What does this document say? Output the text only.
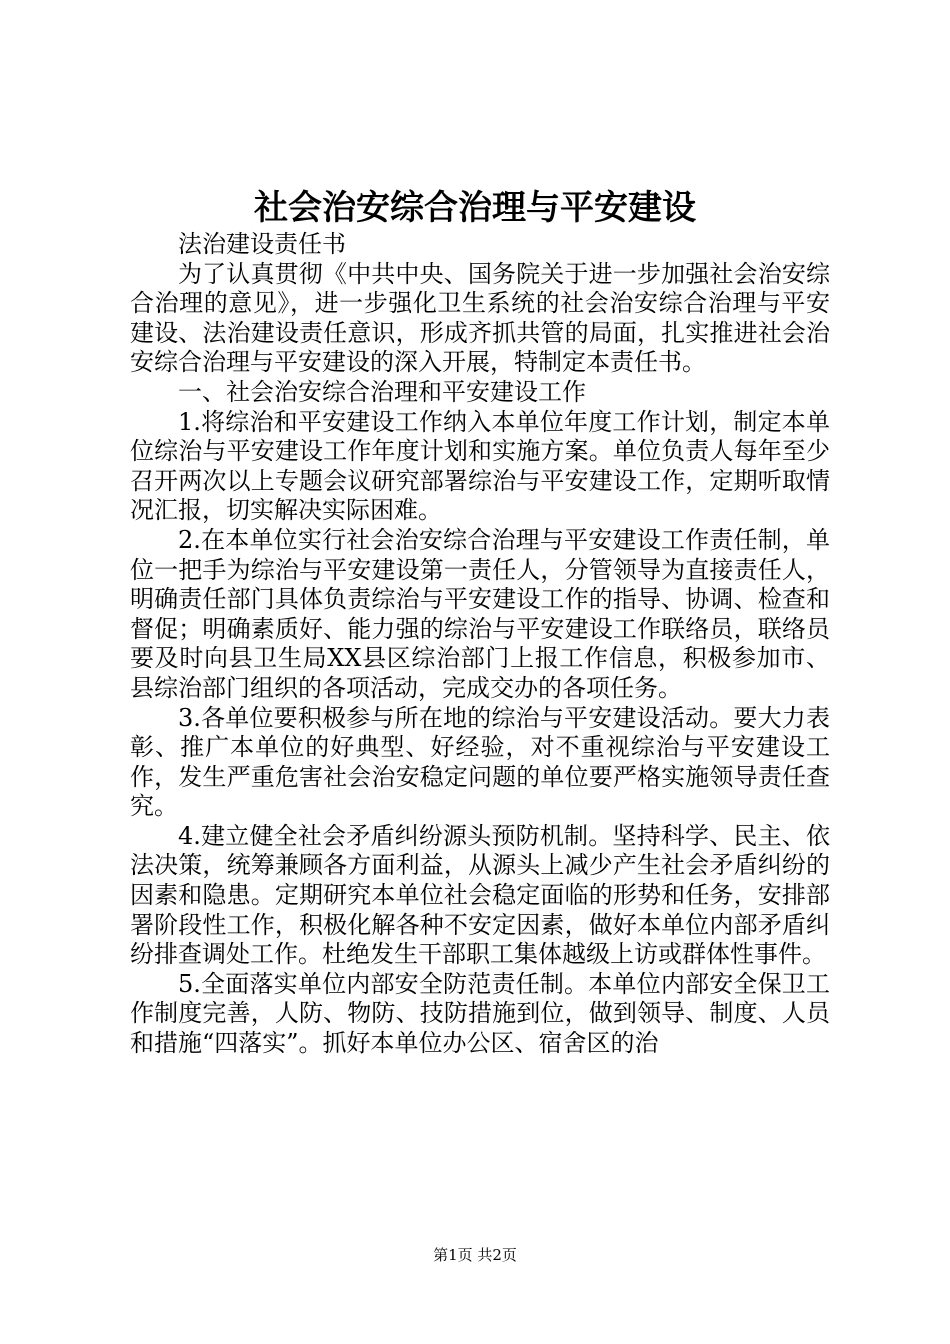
社会治安综合治理与平安建设

法治建设责任书

为了认真贯彻《中共中央、国务院关于进一步加强社会治安综合治理的意见》，进一步强化卫生系统的社会治安综合治理与平安建设、法治建设责任意识，形成齐抓共管的局面，扎实推进社会治安综合治理与平安建设的深入开展，特制定本责任书。

一、社会治安综合治理和平安建设工作

1.将综治和平安建设工作纳入本单位年度工作计划，制定本单位综治与平安建设工作年度计划和实施方案。单位负责人每年至少召开两次以上专题会议研究部署综治与平安建设工作，定期听取情况汇报，切实解决实际困难。

2.在本单位实行社会治安综合治理与平安建设工作责任制，单位一把手为综治与平安建设第一责任人，分管领导为直接责任人，明确责任部门具体负责综治与平安建设工作的指导、协调、检查和督促；明确素质好、能力强的综治与平安建设工作联络员，联络员要及时向县卫生局XX县区综治部门上报工作信息，积极参加市、县综治部门组织的各项活动，完成交办的各项任务。

3.各单位要积极参与所在地的综治与平安建设活动。要大力表彰、推广本单位的好典型、好经验，对不重视综治与平安建设工作，发生严重危害社会治安稳定问题的单位要严格实施领导责任查究。

4.建立健全社会矛盾纠纷源头预防机制。坚持科学、民主、依法决策，统筹兼顾各方面利益，从源头上减少产生社会矛盾纠纷的因素和隐患。定期研究本单位社会稳定面临的形势和任务，安排部署阶段性工作，积极化解各种不安定因素，做好本单位内部矛盾纠纷排查调处工作。杜绝发生干部职工集体越级上访或群体性事件。

5.全面落实单位内部安全防范责任制。本单位内部安全保卫工作制度完善，人防、物防、技防措施到位，做到领导、制度、人员和措施“四落实”。抓好本单位办公区、宿舍区的治

第1页 共2页
